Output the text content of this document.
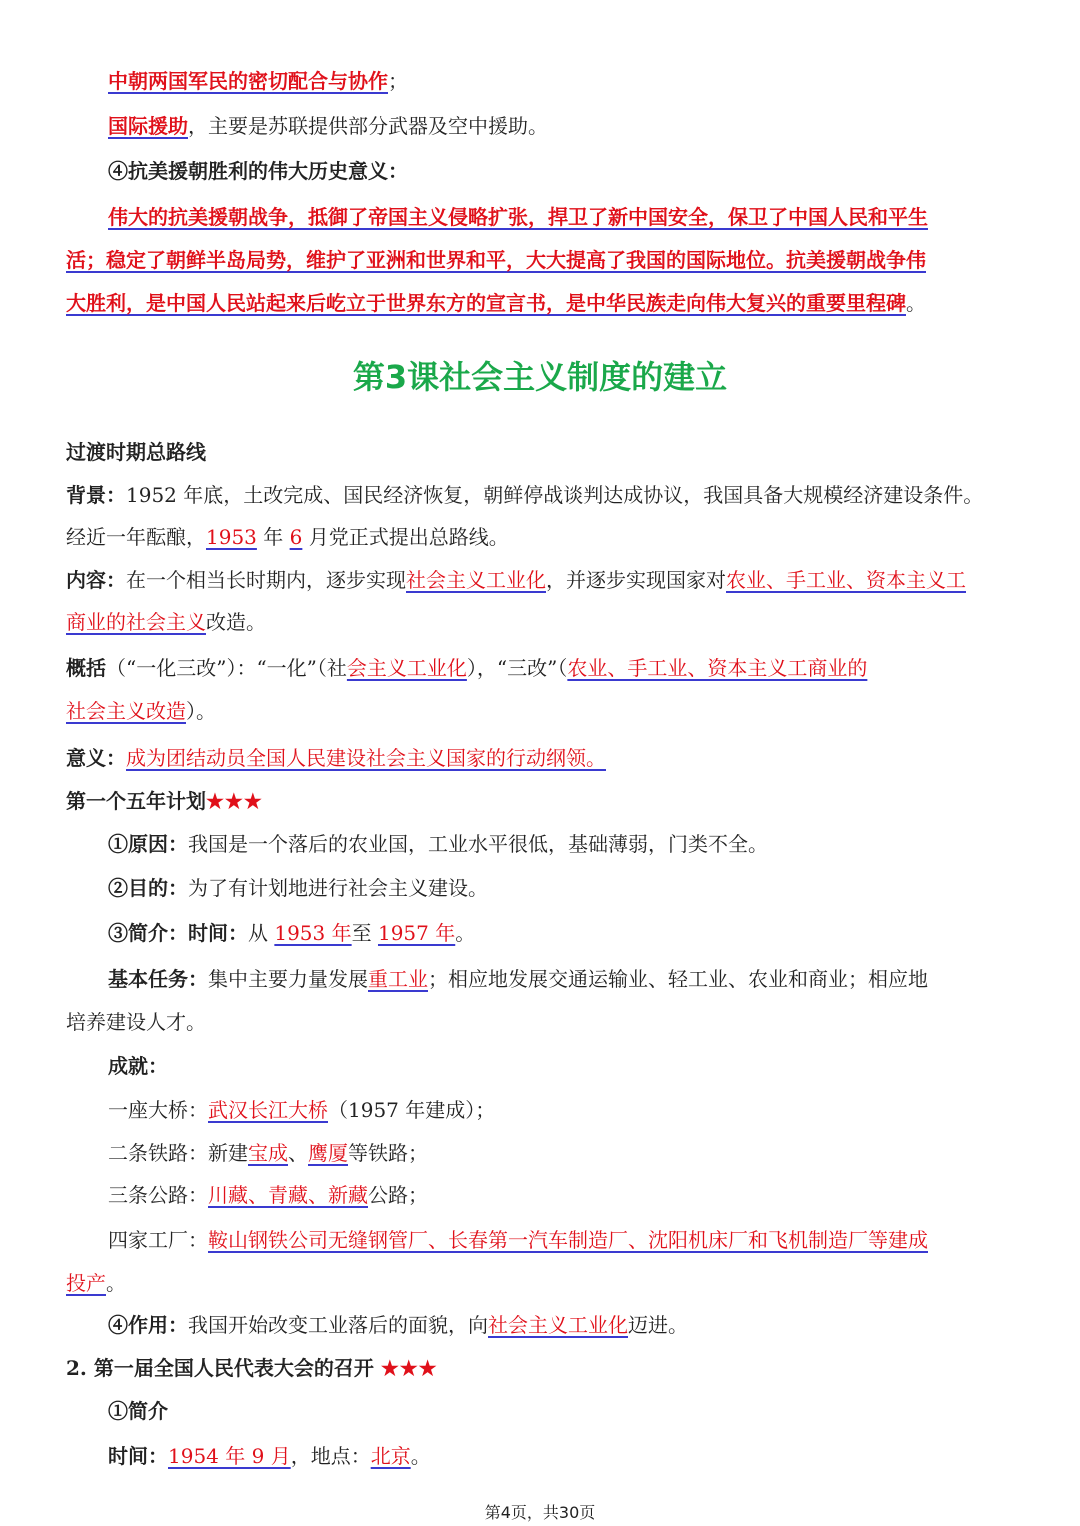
中朝两国军民的密切配合与协作；
国际援助，主要是苏联提供部分武器及空中援助。
④抗美援朝胜利的伟大历史意义：
伟大的抗美援朝战争，抵御了帝国主义侵略扩张，捍卫了新中国安全，保卫了中国人民和平生
活；稳定了朝鲜半岛局势，维护了亚洲和世界和平，大大提高了我国的国际地位。抗美援朝战争伟
大胜利，是中国人民站起来后屹立于世界东方的宣言书，是中华民族走向伟大复兴的重要里程碑。
第3课社会主义制度的建立
过渡时期总路线
背景：1952 年底，土改完成、国民经济恢复，朝鲜停战谈判达成协议，我国具备大规模经济建设条件。
经近一年酝酿，1953 年 6 月党正式提出总路线。
内容：在一个相当长时期内，逐步实现社会主义工业化，并逐步实现国家对农业、手工业、资本主义工
商业的社会主义改造。
概括（“一化三改”）：“一化”（社会主义工业化），“三改”（农业、手工业、资本主义工商业的
社会主义改造）。
意义：成为团结动员全国人民建设社会主义国家的行动纲领。
第一个五年计划★★★
①原因：我国是一个落后的农业国，工业水平很低，基础薄弱，门类不全。
②目的：为了有计划地进行社会主义建设。
③简介：时间：从 1953 年至 1957 年。
基本任务：集中主要力量发展重工业；相应地发展交通运输业、轻工业、农业和商业；相应地
培养建设人才。
成就：
一座大桥：武汉长江大桥（1957 年建成）；
二条铁路：新建宝成、鹰厦等铁路；
三条公路：川藏、青藏、新藏公路；
四家工厂：鞍山钢铁公司无缝钢管厂、长春第一汽车制造厂、沈阳机床厂和飞机制造厂等建成
投产。
④作用：我国开始改变工业落后的面貌，向社会主义工业化迈进。
2. 第一届全国人民代表大会的召开 ★★★
①简介
时间：1954 年 9 月，地点：北京。
第4页，共30页
